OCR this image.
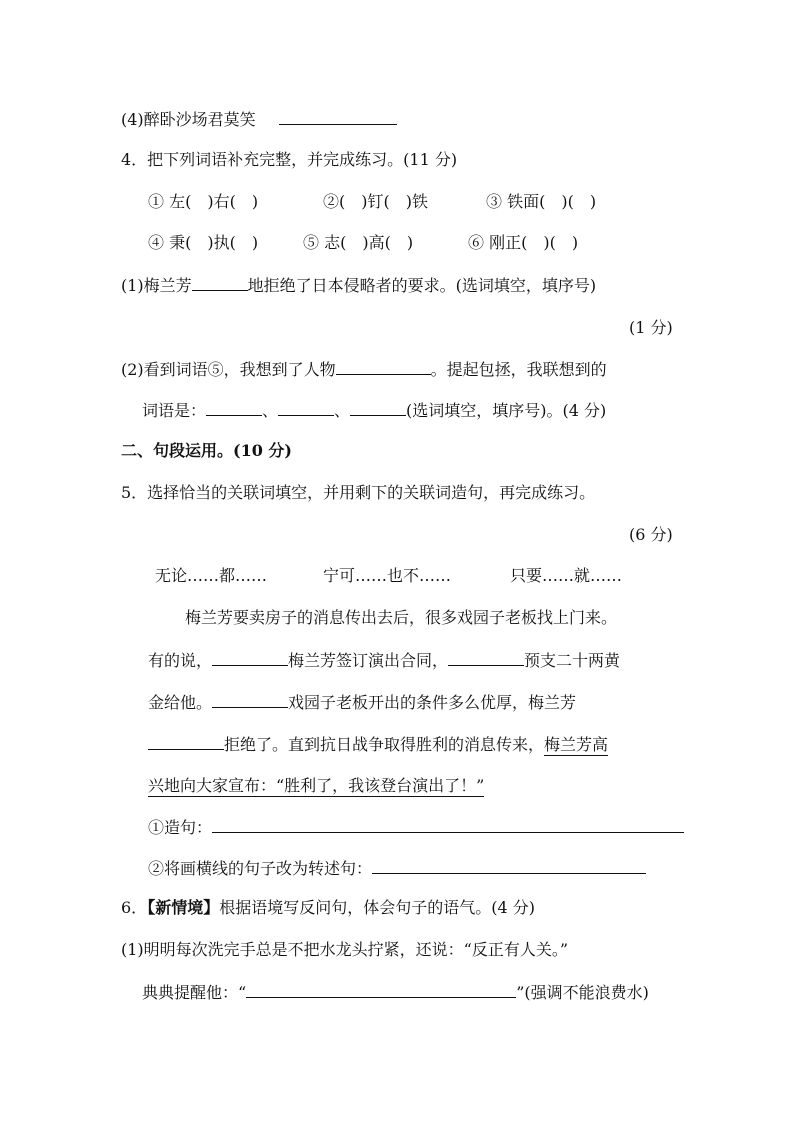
(4)醉卧沙场君莫笑
4．把下列词语补充完整，并完成练习。(11 分)
① 左(　)右(　)	②(　)钉(　)铁	③ 铁面(　)(　)
④ 秉(　)执(　)	⑤ 志(　)高(　)	⑥ 刚正(　)(　)
(1)梅兰芳	地拒绝了日本侵略者的要求。(选词填空，填序号)
(1 分)
(2)看到词语⑤，我想到了人物	。提起包拯，我联想到的
词语是：	、	、	(选词填空，填序号)。(4 分)
二、句段运用。(10 分)
5．选择恰当的关联词填空，并用剩下的关联词造句，再完成练习。
(6 分)
无论……都……	宁可……也不……	只要……就……
梅兰芳要卖房子的消息传出去后，很多戏园子老板找上门来。
有的说，	梅兰芳签订演出合同，	预支二十两黄
金给他。	戏园子老板开出的条件多么优厚，梅兰芳
拒绝了。直到抗日战争取得胜利的消息传来，梅兰芳高
兴地向大家宣布：“胜利了，我该登台演出了！”
①造句：
②将画横线的句子改为转述句：
6．【新情境】根据语境写反问句，体会句子的语气。(4 分)
(1)明明每次洗完手总是不把水龙头拧紧，还说：“反正有人关。”
典典提醒他：“	”(强调不能浪费水)
